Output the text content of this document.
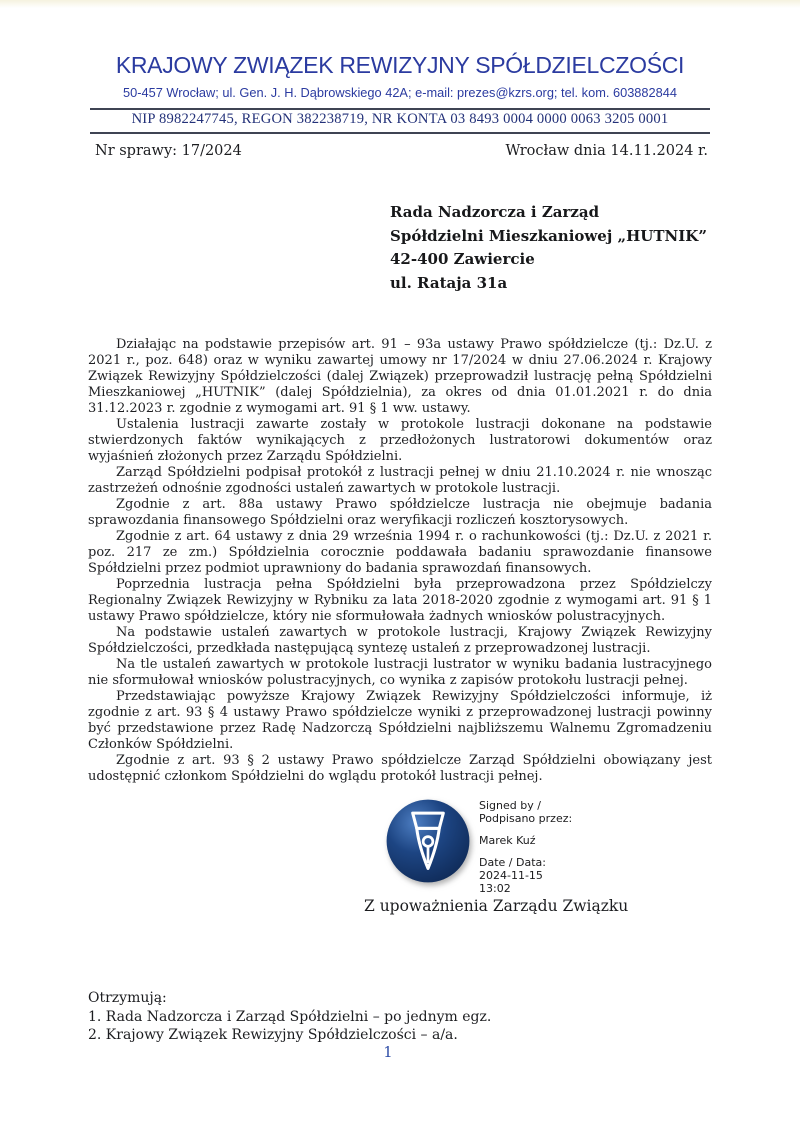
KRAJOWY ZWIĄZEK REWIZYJNY SPÓŁDZIELCZOŚCI
50-457 Wrocław; ul. Gen. J. H. Dąbrowskiego 42A; e-mail: prezes@kzrs.org; tel. kom. 603882844
NIP 8982247745, REGON 382238719, NR KONTA 03 8493 0004 0000 0063 3205 0001
Nr sprawy: 17/2024	Wrocław dnia 14.11.2024 r.
Rada Nadzorcza i Zarząd
Spółdzielni Mieszkaniowej „HUTNIK”
42-400 Zawiercie
ul. Rataja 31a

Działając na podstawie przepisów art. 91 – 93a ustawy Prawo spółdzielcze (tj.: Dz.U. z 2021 r., poz. 648) oraz w wyniku zawartej umowy nr 17/2024 w dniu 27.06.2024 r. Krajowy Związek Rewizyjny Spółdzielczości (dalej Związek) przeprowadził lustrację pełną Spółdzielni Mieszkaniowej „HUTNIK” (dalej Spółdzielnia), za okres od dnia 01.01.2021 r. do dnia 31.12.2023 r. zgodnie z wymogami art. 91 § 1 ww. ustawy.

Ustalenia lustracji zawarte zostały w protokole lustracji dokonane na podstawie stwierdzonych faktów wynikających z przedłożonych lustratorowi dokumentów oraz wyjaśnień złożonych przez Zarządu Spółdzielni.

Zarząd Spółdzielni podpisał protokół z lustracji pełnej w dniu 21.10.2024 r. nie wnosząc zastrzeżeń odnośnie zgodności ustaleń zawartych w protokole lustracji.

Zgodnie z art. 88a ustawy Prawo spółdzielcze lustracja nie obejmuje badania sprawozdania finansowego Spółdzielni oraz weryfikacji rozliczeń kosztorysowych.

Zgodnie z art. 64 ustawy z dnia 29 września 1994 r. o rachunkowości (tj.: Dz.U. z 2021 r. poz. 217 ze zm.) Spółdzielnia corocznie poddawała badaniu sprawozdanie finansowe Spółdzielni przez podmiot uprawniony do badania sprawozdań finansowych.

Poprzednia lustracja pełna Spółdzielni była przeprowadzona przez Spółdzielczy Regionalny Związek Rewizyjny w Rybniku za lata 2018-2020 zgodnie z wymogami art. 91 § 1 ustawy Prawo spółdzielcze, który nie sformułowała żadnych wniosków polustracyjnych.

Na podstawie ustaleń zawartych w protokole lustracji, Krajowy Związek Rewizyjny Spółdzielczości, przedkłada następującą syntezę ustaleń z przeprowadzonej lustracji.

Na tle ustaleń zawartych w protokole lustracji lustrator w wyniku badania lustracyjnego nie sformułował wniosków polustracyjnych, co wynika z zapisów protokołu lustracji pełnej.

Przedstawiając powyższe Krajowy Związek Rewizyjny Spółdzielczości informuje, iż zgodnie z art. 93 § 4 ustawy Prawo spółdzielcze wyniki z przeprowadzonej lustracji powinny być przedstawione przez Radę Nadzorczą Spółdzielni najbliższemu Walnemu Zgromadzeniu Członków Spółdzielni.

Zgodnie z art. 93 § 2 ustawy Prawo spółdzielcze Zarząd Spółdzielni obowiązany jest udostępnić członkom Spółdzielni do wglądu protokół lustracji pełnej.

Signed by /
Podpisano przez:
Marek Kuź
Date / Data:
2024-11-15
13:02
Z upoważnienia Zarządu Związku
Otrzymują:
1. Rada Nadzorcza i Zarząd Spółdzielni – po jednym egz.
2. Krajowy Związek Rewizyjny Spółdzielczości – a/a.
1
